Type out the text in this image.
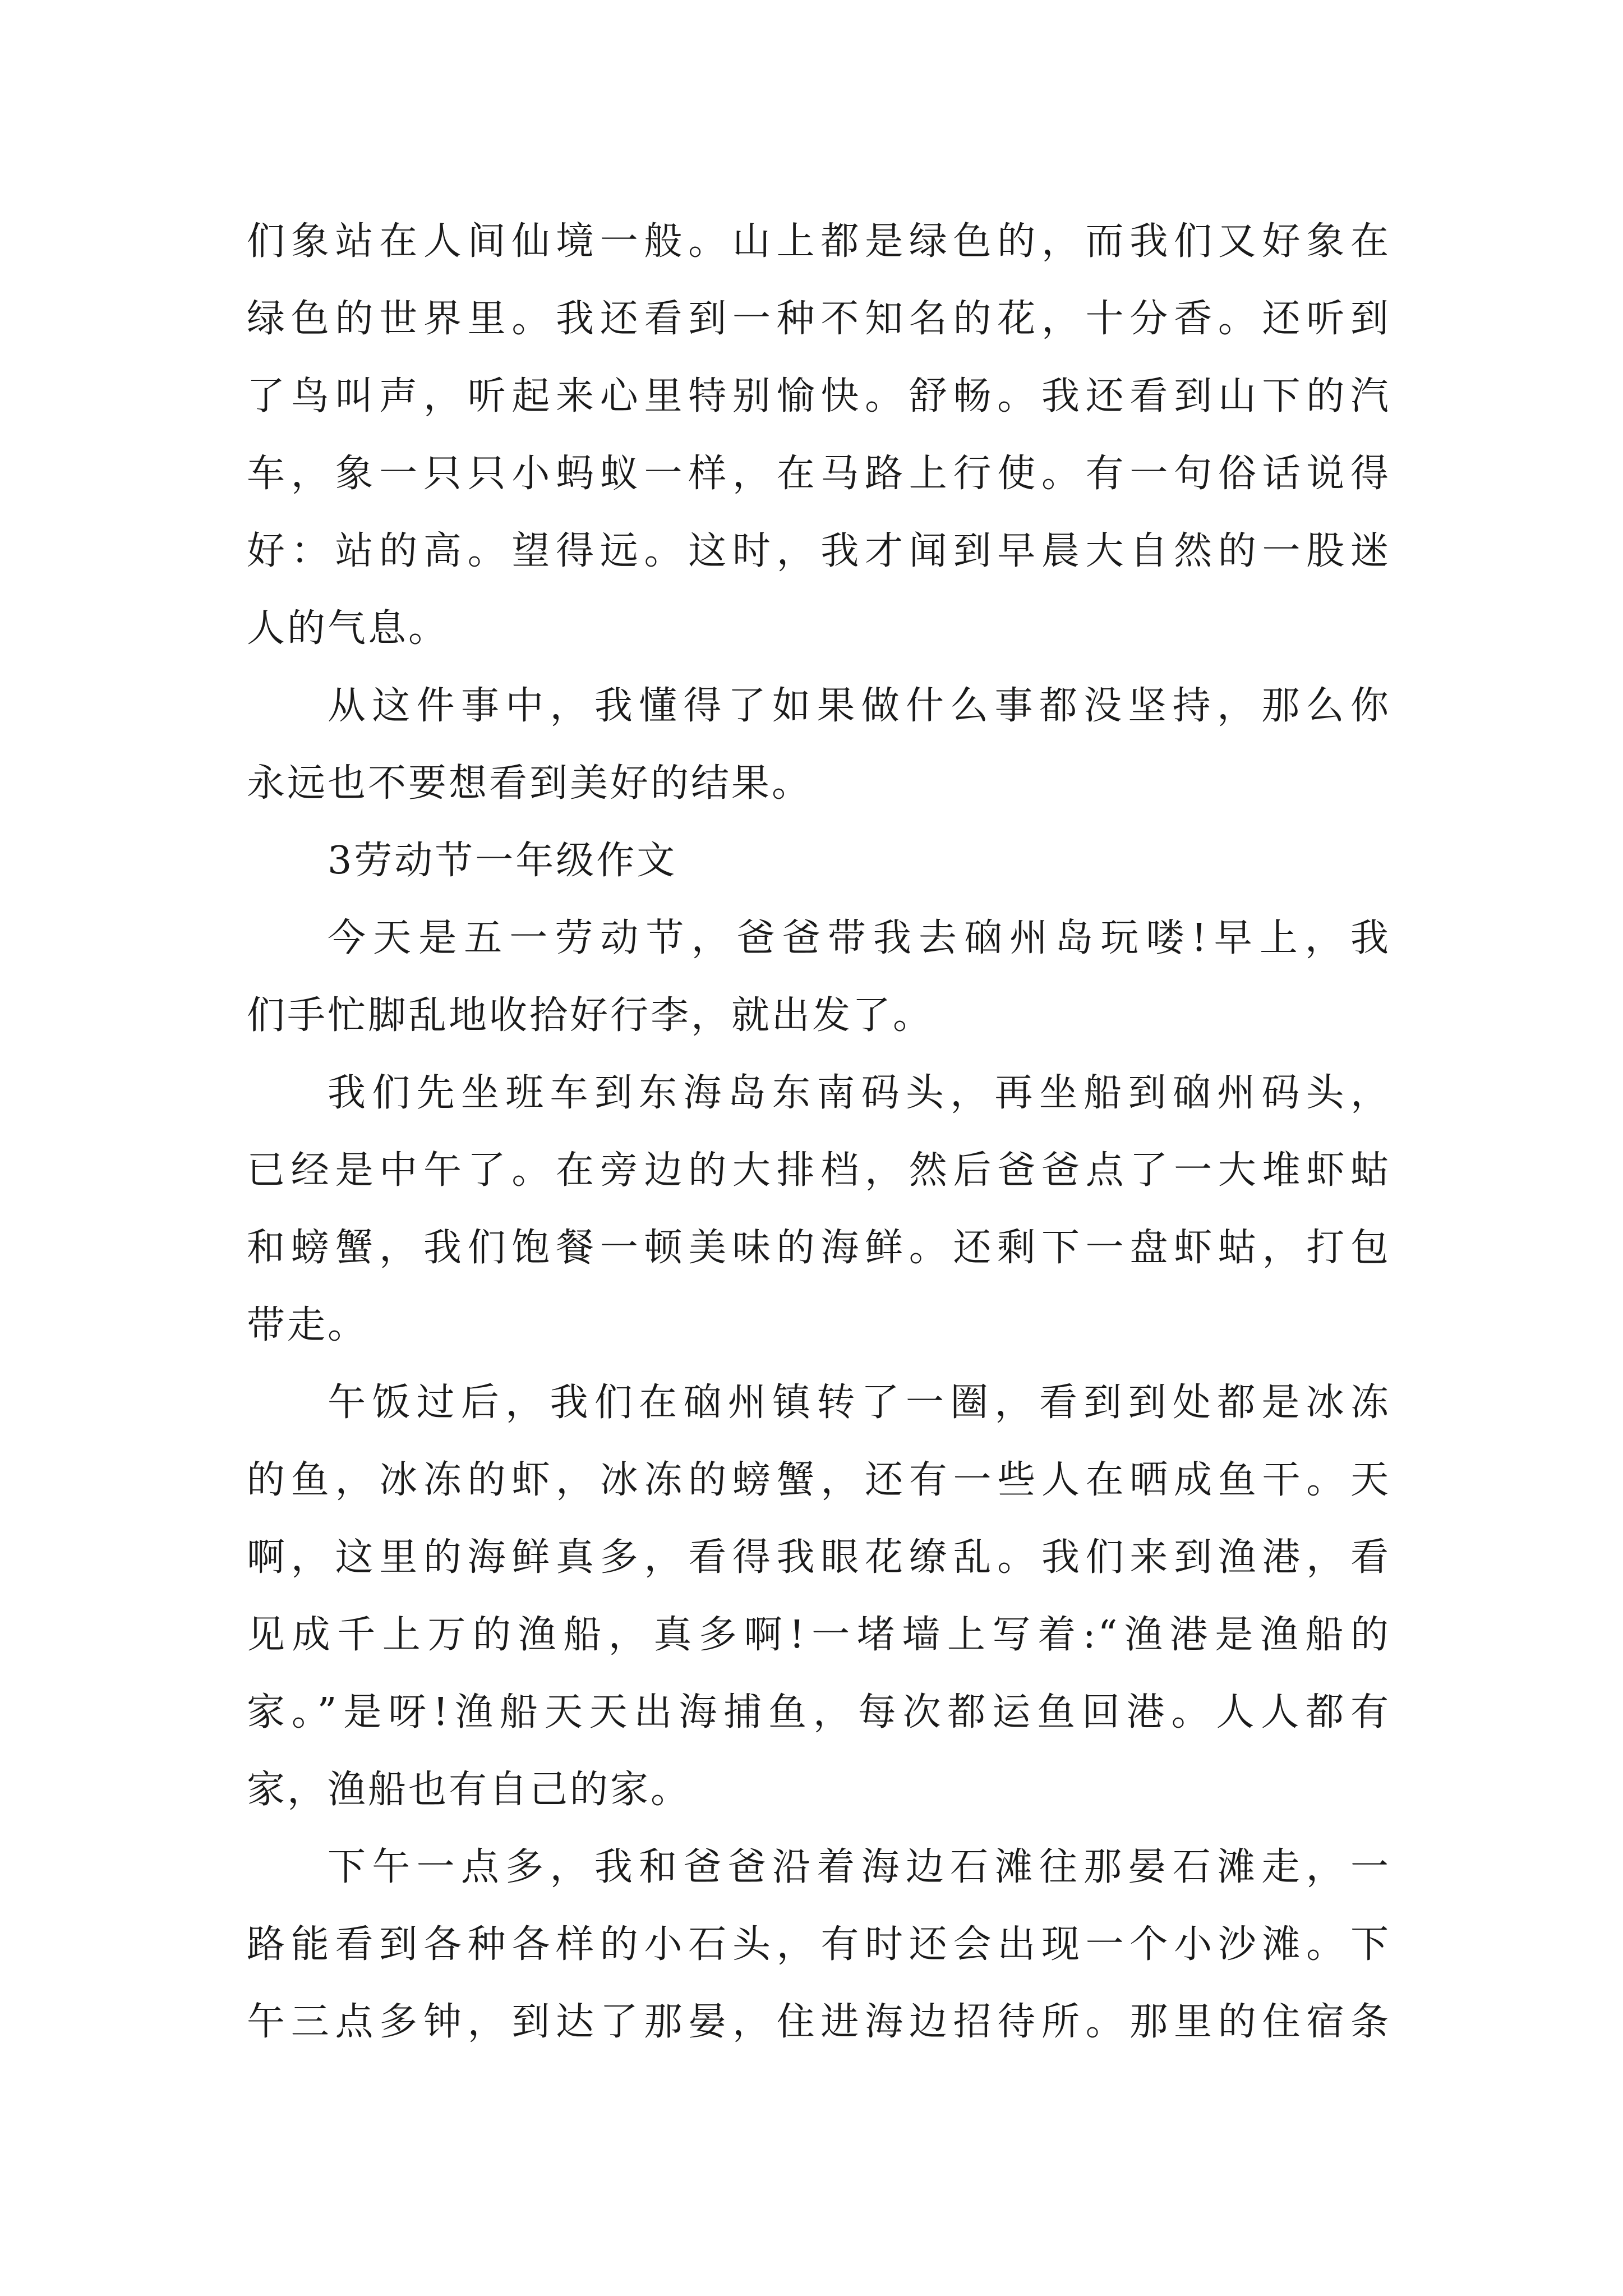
们象站在人间仙境一般。山上都是绿色的，而我们又好象在
绿色的世界里。我还看到一种不知名的花，十分香。还听到
了鸟叫声，听起来心里特别愉快。舒畅。我还看到山下的汽
车，象一只只小蚂蚁一样，在马路上行使。有一句俗话说得
好：站的高。望得远。这时，我才闻到早晨大自然的一股迷
人的气息。

从这件事中，我懂得了如果做什么事都没坚持，那么你
永远也不要想看到美好的结果。

3劳动节一年级作文

今天是五一劳动节，爸爸带我去硇州岛玩喽!早上，我
们手忙脚乱地收拾好行李，就出发了。

我们先坐班车到东海岛东南码头，再坐船到硇州码头，
已经是中午了。在旁边的大排档，然后爸爸点了一大堆虾蛄
和螃蟹，我们饱餐一顿美味的海鲜。还剩下一盘虾蛄，打包
带走。

午饭过后，我们在硇州镇转了一圈，看到到处都是冰冻
的鱼，冰冻的虾，冰冻的螃蟹，还有一些人在晒成鱼干。天
啊，这里的海鲜真多，看得我眼花缭乱。我们来到渔港，看
见成千上万的渔船，真多啊!一堵墙上写着:“渔港是渔船的
家。”是呀!渔船天天出海捕鱼，每次都运鱼回港。人人都有
家，渔船也有自己的家。

下午一点多，我和爸爸沿着海边石滩往那晏石滩走，一
路能看到各种各样的小石头，有时还会出现一个小沙滩。下
午三点多钟，到达了那晏，住进海边招待所。那里的住宿条
